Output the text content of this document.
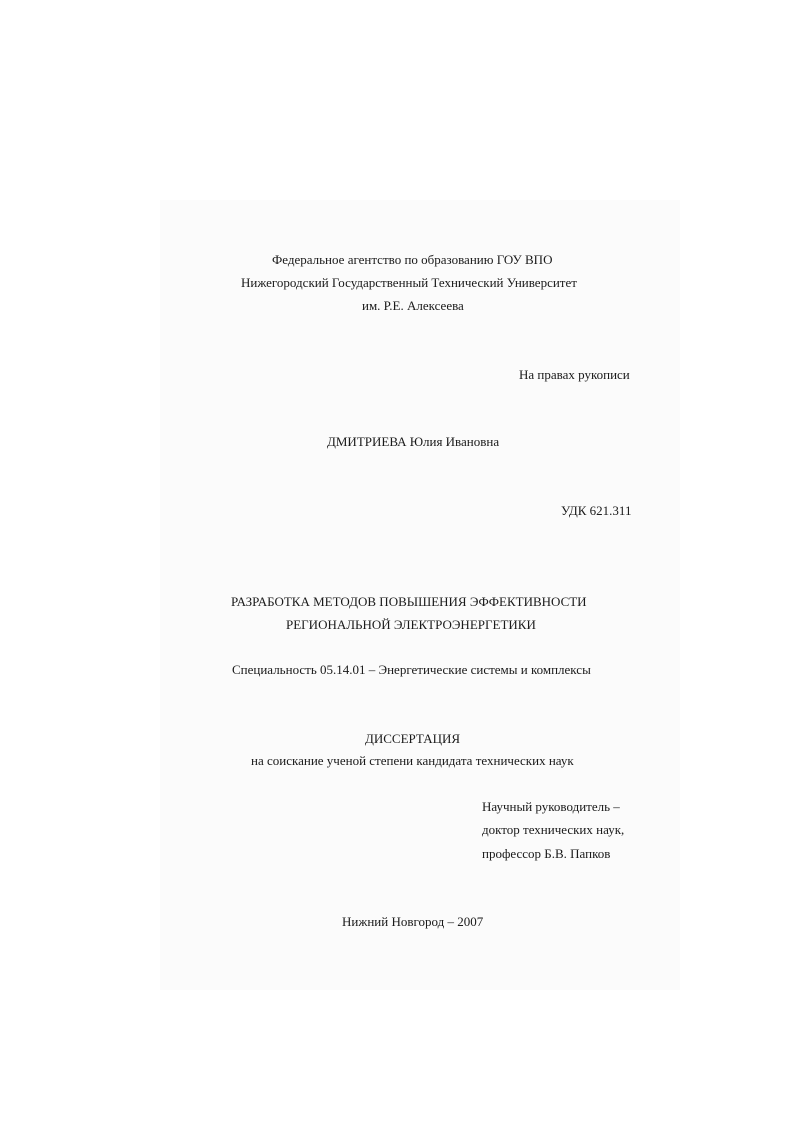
Федеральное агентство по образованию ГОУ ВПО
Нижегородский Государственный Технический Университет
им. Р.Е. Алексеева
На правах рукописи
ДМИТРИЕВА Юлия Ивановна
УДК 621.311
РАЗРАБОТКА МЕТОДОВ ПОВЫШЕНИЯ ЭФФЕКТИВНОСТИ
РЕГИОНАЛЬНОЙ ЭЛЕКТРОЭНЕРГЕТИКИ
Специальность 05.14.01 – Энергетические системы и комплексы
ДИССЕРТАЦИЯ
на соискание ученой степени кандидата технических наук
Научный руководитель –
доктор технических наук,
профессор Б.В. Папков
Нижний Новгород – 2007
